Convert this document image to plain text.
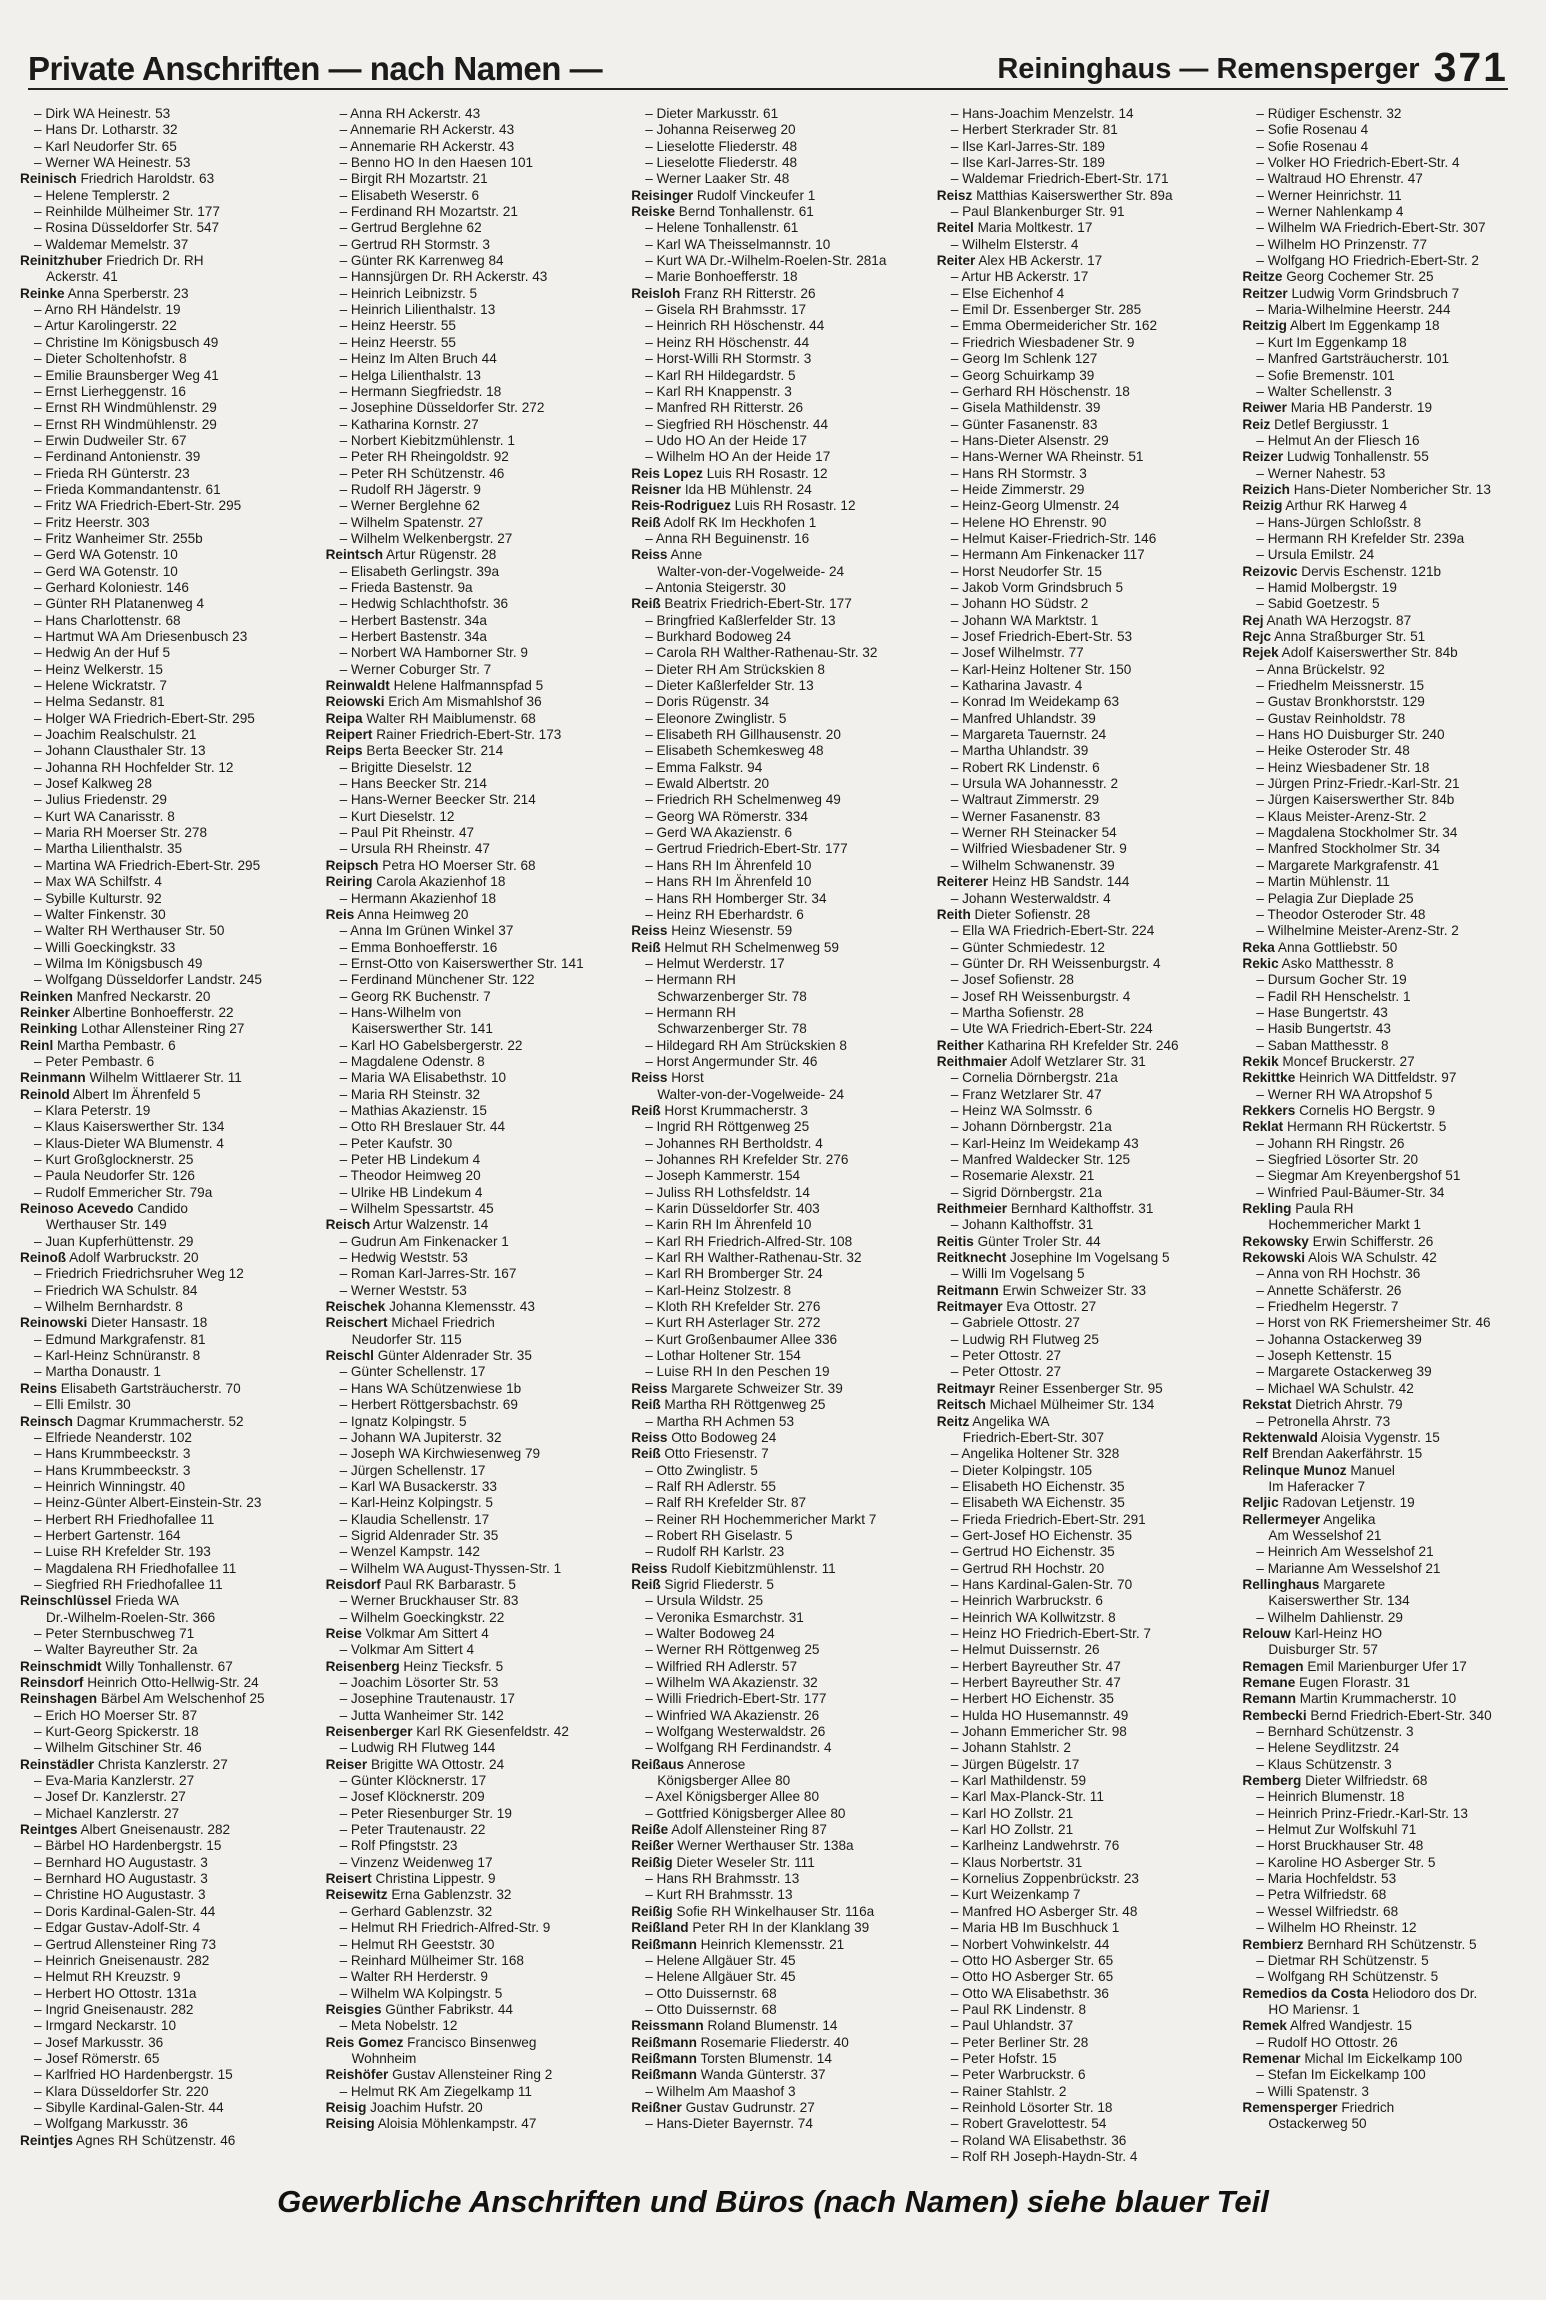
Private Anschriften — nach Namen —	Reininghaus — Remensperger 371
– Dirk WA Heinestr. 53
– Hans Dr. Lotharstr. 32
– Karl Neudorfer Str. 65
– Werner WA Heinestr. 53
Reinisch Friedrich Haroldstr. 63
– Helene Templerstr. 2
– Reinhilde Mülheimer Str. 177
– Rosina Düsseldorfer Str. 547
– Waldemar Memelstr. 37
Reinitzhuber Friedrich Dr. RH
Ackerstr. 41
Reinke Anna Sperberstr. 23
– Arno RH Händelstr. 19
– Artur Karolingerstr. 22
– Christine Im Königsbusch 49
– Dieter Scholtenhofstr. 8
– Emilie Braunsberger Weg 41
– Ernst Lierheggenstr. 16
– Ernst RH Windmühlenstr. 29
– Ernst RH Windmühlenstr. 29
– Erwin Dudweiler Str. 67
– Ferdinand Antonienstr. 39
– Frieda RH Günterstr. 23
– Frieda Kommandantenstr. 61
– Fritz WA Friedrich-Ebert-Str. 295
– Fritz Heerstr. 303
– Fritz Wanheimer Str. 255b
– Gerd WA Gotenstr. 10
– Gerd WA Gotenstr. 10
– Gerhard Koloniestr. 146
– Günter RH Platanenweg 4
– Hans Charlottenstr. 68
– Hartmut WA Am Driesenbusch 23
– Hedwig An der Huf 5
– Heinz Welkerstr. 15
– Helene Wickratstr. 7
– Helma Sedanstr. 81
– Holger WA Friedrich-Ebert-Str. 295
– Joachim Realschulstr. 21
– Johann Clausthaler Str. 13
– Johanna RH Hochfelder Str. 12
– Josef Kalkweg 28
– Julius Friedenstr. 29
– Kurt WA Canarisstr. 8
– Maria RH Moerser Str. 278
– Martha Lilienthalstr. 35
– Martina WA Friedrich-Ebert-Str. 295
– Max WA Schilfstr. 4
– Sybille Kulturstr. 92
– Walter Finkenstr. 30
– Walter RH Werthauser Str. 50
– Willi Goeckingkstr. 33
– Wilma Im Königsbusch 49
– Wolfgang Düsseldorfer Landstr. 245
Reinken Manfred Neckarstr. 20
Reinker Albertine Bonhoefferstr. 22
Reinking Lothar Allensteiner Ring 27
Reinl Martha Pembastr. 6
– Peter Pembastr. 6
Reinmann Wilhelm Wittlaerer Str. 11
Reinold Albert Im Ährenfeld 5
– Klara Peterstr. 19
– Klaus Kaiserswerther Str. 134
– Klaus-Dieter WA Blumenstr. 4
– Kurt Großglocknerstr. 25
– Paula Neudorfer Str. 126
– Rudolf Emmericher Str. 79a
Reinoso Acevedo Candido
Werthauser Str. 149
– Juan Kupferhüttenstr. 29
Reinoß Adolf Warbruckstr. 20
– Friedrich Friedrichsruher Weg 12
– Friedrich WA Schulstr. 84
– Wilhelm Bernhardstr. 8
Reinowski Dieter Hansastr. 18
– Edmund Markgrafenstr. 81
– Karl-Heinz Schnüranstr. 8
– Martha Donaustr. 1
Reins Elisabeth Gartsträucherstr. 70
– Elli Emilstr. 30
Reinsch Dagmar Krummacherstr. 52
– Elfriede Neanderstr. 102
– Hans Krummbeeckstr. 3
– Hans Krummbeeckstr. 3
– Heinrich Winningstr. 40
– Heinz-Günter Albert-Einstein-Str. 23
– Herbert RH Friedhofallee 11
– Herbert Gartenstr. 164
– Luise RH Krefelder Str. 193
– Magdalena RH Friedhofallee 11
– Siegfried RH Friedhofallee 11
Reinschlüssel Frieda WA
Dr.-Wilhelm-Roelen-Str. 366
– Peter Sternbuschweg 71
– Walter Bayreuther Str. 2a
Reinschmidt Willy Tonhallenstr. 67
Reinsdorf Heinrich Otto-Hellwig-Str. 24
Reinshagen Bärbel Am Welschenhof 25
– Erich HO Moerser Str. 87
– Kurt-Georg Spickerstr. 18
– Wilhelm Gitschiner Str. 46
Reinstädler Christa Kanzlerstr. 27
– Eva-Maria Kanzlerstr. 27
– Josef Dr. Kanzlerstr. 27
– Michael Kanzlerstr. 27
Reintges Albert Gneisenaustr. 282
– Bärbel HO Hardenbergstr. 15
– Bernhard HO Augustastr. 3
– Bernhard HO Augustastr. 3
– Christine HO Augustastr. 3
– Doris Kardinal-Galen-Str. 44
– Edgar Gustav-Adolf-Str. 4
– Gertrud Allensteiner Ring 73
– Heinrich Gneisenaustr. 282
– Helmut RH Kreuzstr. 9
– Herbert HO Ottostr. 131a
– Ingrid Gneisenaustr. 282
– Irmgard Neckarstr. 10
– Josef Markusstr. 36
– Josef Römerstr. 65
– Karlfried HO Hardenbergstr. 15
– Klara Düsseldorfer Str. 220
– Sibylle Kardinal-Galen-Str. 44
– Wolfgang Markusstr. 36
Reintjes Agnes RH Schützenstr. 46
– Anna RH Ackerstr. 43
– Annemarie RH Ackerstr. 43
– Annemarie RH Ackerstr. 43
– Benno HO In den Haesen 101
– Birgit RH Mozartstr. 21
– Elisabeth Weserstr. 6
– Ferdinand RH Mozartstr. 21
– Gertrud Berglehne 62
– Gertrud RH Stormstr. 3
– Günter RK Karrenweg 84
– Hannsjürgen Dr. RH Ackerstr. 43
– Heinrich Leibnizstr. 5
– Heinrich Lilienthalstr. 13
– Heinz Heerstr. 55
– Heinz Heerstr. 55
– Heinz Im Alten Bruch 44
– Helga Lilienthalstr. 13
– Hermann Siegfriedstr. 18
– Josephine Düsseldorfer Str. 272
– Katharina Kornstr. 27
– Norbert Kiebitzmühlenstr. 1
– Peter RH Rheingoldstr. 92
– Peter RH Schützenstr. 46
– Rudolf RH Jägerstr. 9
– Werner Berglehne 62
– Wilhelm Spatenstr. 27
– Wilhelm Welkenbergstr. 27
Reintsch Artur Rügenstr. 28
– Elisabeth Gerlingstr. 39a
– Frieda Bastenstr. 9a
– Hedwig Schlachthofstr. 36
– Herbert Bastenstr. 34a
– Herbert Bastenstr. 34a
– Norbert WA Hamborner Str. 9
– Werner Coburger Str. 7
Reinwaldt Helene Halfmannspfad 5
Reiowski Erich Am Mismahlshof 36
Reipa Walter RH Maiblumenstr. 68
Reipert Rainer Friedrich-Ebert-Str. 173
Reips Berta Beecker Str. 214
– Brigitte Dieselstr. 12
– Hans Beecker Str. 214
– Hans-Werner Beecker Str. 214
– Kurt Dieselstr. 12
– Paul Pit Rheinstr. 47
– Ursula RH Rheinstr. 47
Reipsch Petra HO Moerser Str. 68
Reiring Carola Akazienhof 18
– Hermann Akazienhof 18
Reis Anna Heimweg 20
– Anna Im Grünen Winkel 37
– Emma Bonhoefferstr. 16
– Ernst-Otto von Kaiserswerther Str. 141
– Ferdinand Münchener Str. 122
– Georg RK Buchenstr. 7
– Hans-Wilhelm von
Kaiserswerther Str. 141
– Karl HO Gabelsbergerstr. 22
– Magdalene Odenstr. 8
– Maria WA Elisabethstr. 10
– Maria RH Steinstr. 32
– Mathias Akazienstr. 15
– Otto RH Breslauer Str. 44
– Peter Kaufstr. 30
– Peter HB Lindekum 4
– Theodor Heimweg 20
– Ulrike HB Lindekum 4
– Wilhelm Spessartstr. 45
Reisch Artur Walzenstr. 14
– Gudrun Am Finkenacker 1
– Hedwig Weststr. 53
– Roman Karl-Jarres-Str. 167
– Werner Weststr. 53
Reischek Johanna Klemensstr. 43
Reischert Michael Friedrich
Neudorfer Str. 115
Reischl Günter Aldenrader Str. 35
– Günter Schellenstr. 17
– Hans WA Schützenwiese 1b
– Herbert Röttgersbachstr. 69
– Ignatz Kolpingstr. 5
– Johann WA Jupiterstr. 32
– Joseph WA Kirchwiesenweg 79
– Jürgen Schellenstr. 17
– Karl WA Busackerstr. 33
– Karl-Heinz Kolpingstr. 5
– Klaudia Schellenstr. 17
– Sigrid Aldenrader Str. 35
– Wenzel Kampstr. 142
– Wilhelm WA August-Thyssen-Str. 1
Reisdorf Paul RK Barbarastr. 5
– Werner Bruckhauser Str. 83
– Wilhelm Goeckingkstr. 22
Reise Volkmar Am Sittert 4
– Volkmar Am Sittert 4
Reisenberg Heinz Tiecksfr. 5
– Joachim Lösorter Str. 53
– Josephine Trautenaustr. 17
– Jutta Wanheimer Str. 142
Reisenberger Karl RK Giesenfeldstr. 42
– Ludwig RH Flutweg 144
Reiser Brigitte WA Ottostr. 24
– Günter Klöcknerstr. 17
– Josef Klöcknerstr. 209
– Peter Riesenburger Str. 19
– Peter Trautenaustr. 22
– Rolf Pfingststr. 23
– Vinzenz Weidenweg 17
Reisert Christina Lippestr. 9
Reisewitz Erna Gablenzstr. 32
– Gerhard Gablenzstr. 32
– Helmut RH Friedrich-Alfred-Str. 9
– Helmut RH Geeststr. 30
– Reinhard Mülheimer Str. 168
– Walter RH Herderstr. 9
– Wilhelm WA Kolpingstr. 5
Reisgies Günther Fabrikstr. 44
– Meta Nobelstr. 12
Reis Gomez Francisco Binsenweg
Wohnheim
Reishöfer Gustav Allensteiner Ring 2
– Helmut RK Am Ziegelkamp 11
Reisig Joachim Hufstr. 20
Reising Aloisia Möhlenkampstr. 47
– Dieter Markusstr. 61
– Johanna Reiserweg 20
– Lieselotte Fliederstr. 48
– Lieselotte Fliederstr. 48
– Werner Laaker Str. 48
Reisinger Rudolf Vinckeufer 1
Reiske Bernd Tonhallenstr. 61
– Helene Tonhallenstr. 61
– Karl WA Theisselmannstr. 10
– Kurt WA Dr.-Wilhelm-Roelen-Str. 281a
– Marie Bonhoefferstr. 18
Reisloh Franz RH Ritterstr. 26
– Gisela RH Brahmsstr. 17
– Heinrich RH Höschenstr. 44
– Heinz RH Höschenstr. 44
– Horst-Willi RH Stormstr. 3
– Karl RH Hildegardstr. 5
– Karl RH Knappenstr. 3
– Manfred RH Ritterstr. 26
– Siegfried RH Höschenstr. 44
– Udo HO An der Heide 17
– Wilhelm HO An der Heide 17
Reis Lopez Luis RH Rosastr. 12
Reisner Ida HB Mühlenstr. 24
Reis-Rodriguez Luis RH Rosastr. 12
Reiß Adolf RK Im Heckhofen 1
– Anna RH Beguinenstr. 16
Reiss Anne
Walter-von-der-Vogelweide- 24
– Antonia Steigerstr. 30
Reiß Beatrix Friedrich-Ebert-Str. 177
– Bringfried Kaßlerfelder Str. 13
– Burkhard Bodoweg 24
– Carola RH Walther-Rathenau-Str. 32
– Dieter RH Am Strückskien 8
– Dieter Kaßlerfelder Str. 13
– Doris Rügenstr. 34
– Eleonore Zwinglistr. 5
– Elisabeth RH Gillhausenstr. 20
– Elisabeth Schemkesweg 48
– Emma Falkstr. 94
– Ewald Albertstr. 20
– Friedrich RH Schelmenweg 49
– Georg WA Römerstr. 334
– Gerd WA Akazienstr. 6
– Gertrud Friedrich-Ebert-Str. 177
– Hans RH Im Ährenfeld 10
– Hans RH Im Ährenfeld 10
– Hans RH Homberger Str. 34
– Heinz RH Eberhardstr. 6
Reiss Heinz Wiesenstr. 59
Reiß Helmut RH Schelmenweg 59
– Helmut Werderstr. 17
– Hermann RH
Schwarzenberger Str. 78
– Hermann RH
Schwarzenberger Str. 78
– Hildegard RH Am Strückskien 8
– Horst Angermunder Str. 46
Reiss Horst
Walter-von-der-Vogelweide- 24
Reiß Horst Krummacherstr. 3
– Ingrid RH Röttgenweg 25
– Johannes RH Bertholdstr. 4
– Johannes RH Krefelder Str. 276
– Joseph Kammerstr. 154
– Juliss RH Lothsfeldstr. 14
– Karin Düsseldorfer Str. 403
– Karin RH Im Ährenfeld 10
– Karl RH Friedrich-Alfred-Str. 108
– Karl RH Walther-Rathenau-Str. 32
– Karl RH Bromberger Str. 24
– Karl-Heinz Stolzestr. 8
– Kloth RH Krefelder Str. 276
– Kurt RH Asterlager Str. 272
– Kurt Großenbaumer Allee 336
– Lothar Holtener Str. 154
– Luise RH In den Peschen 19
Reiss Margarete Schweizer Str. 39
Reiß Martha RH Röttgenweg 25
– Martha RH Achmen 53
Reiss Otto Bodoweg 24
Reiß Otto Friesenstr. 7
– Otto Zwinglistr. 5
– Ralf RH Adlerstr. 55
– Ralf RH Krefelder Str. 87
– Reiner RH Hochemmericher Markt 7
– Robert RH Giselastr. 5
– Rudolf RH Karlstr. 23
Reiss Rudolf Kiebitzmühlenstr. 11
Reiß Sigrid Fliederstr. 5
– Ursula Wildstr. 25
– Veronika Esmarchstr. 31
– Walter Bodoweg 24
– Werner RH Röttgenweg 25
– Wilfried RH Adlerstr. 57
– Wilhelm WA Akazienstr. 32
– Willi Friedrich-Ebert-Str. 177
– Winfried WA Akazienstr. 26
– Wolfgang Westerwaldstr. 26
– Wolfgang RH Ferdinandstr. 4
Reißaus Annerose
Königsberger Allee 80
– Axel Königsberger Allee 80
– Gottfried Königsberger Allee 80
Reiße Adolf Allensteiner Ring 87
Reißer Werner Werthauser Str. 138a
Reißig Dieter Weseler Str. 111
– Hans RH Brahmsstr. 13
– Kurt RH Brahmsstr. 13
Reißig Sofie RH Winkelhauser Str. 116a
Reißland Peter RH In der Klanklang 39
Reißmann Heinrich Klemensstr. 21
– Helene Allgäuer Str. 45
– Helene Allgäuer Str. 45
– Otto Duissernstr. 68
– Otto Duissernstr. 68
Reissmann Roland Blumenstr. 14
Reißmann Rosemarie Fliederstr. 40
Reißmann Torsten Blumenstr. 14
Reißmann Wanda Günterstr. 37
– Wilhelm Am Maashof 3
Reißner Gustav Gudrunstr. 27
– Hans-Dieter Bayernstr. 74
– Hans-Joachim Menzelstr. 14
– Herbert Sterkrader Str. 81
– Ilse Karl-Jarres-Str. 189
– Ilse Karl-Jarres-Str. 189
– Waldemar Friedrich-Ebert-Str. 171
Reisz Matthias Kaiserswerther Str. 89a
– Paul Blankenburger Str. 91
Reitel Maria Moltkestr. 17
– Wilhelm Elsterstr. 4
Reiter Alex HB Ackerstr. 17
– Artur HB Ackerstr. 17
– Else Eichenhof 4
– Emil Dr. Essenberger Str. 285
– Emma Obermeidericher Str. 162
– Friedrich Wiesbadener Str. 9
– Georg Im Schlenk 127
– Georg Schuirkamp 39
– Gerhard RH Höschenstr. 18
– Gisela Mathildenstr. 39
– Günter Fasanenstr. 83
– Hans-Dieter Alsenstr. 29
– Hans-Werner WA Rheinstr. 51
– Hans RH Stormstr. 3
– Heide Zimmerstr. 29
– Heinz-Georg Ulmenstr. 24
– Helene HO Ehrenstr. 90
– Helmut Kaiser-Friedrich-Str. 146
– Hermann Am Finkenacker 117
– Horst Neudorfer Str. 15
– Jakob Vorm Grindsbruch 5
– Johann HO Südstr. 2
– Johann WA Marktstr. 1
– Josef Friedrich-Ebert-Str. 53
– Josef Wilhelmstr. 77
– Karl-Heinz Holtener Str. 150
– Katharina Javastr. 4
– Konrad Im Weidekamp 63
– Manfred Uhlandstr. 39
– Margareta Tauernstr. 24
– Martha Uhlandstr. 39
– Robert RK Lindenstr. 6
– Ursula WA Johannesstr. 2
– Waltraut Zimmerstr. 29
– Werner Fasanenstr. 83
– Werner RH Steinacker 54
– Wilfried Wiesbadener Str. 9
– Wilhelm Schwanenstr. 39
Reiterer Heinz HB Sandstr. 144
– Johann Westerwaldstr. 4
Reith Dieter Sofienstr. 28
– Ella WA Friedrich-Ebert-Str. 224
– Günter Schmiedestr. 12
– Günter Dr. RH Weissenburgstr. 4
– Josef Sofienstr. 28
– Josef RH Weissenburgstr. 4
– Martha Sofienstr. 28
– Ute WA Friedrich-Ebert-Str. 224
Reither Katharina RH Krefelder Str. 246
Reithmaier Adolf Wetzlarer Str. 31
– Cornelia Dörnbergstr. 21a
– Franz Wetzlarer Str. 47
– Heinz WA Solmsstr. 6
– Johann Dörnbergstr. 21a
– Karl-Heinz Im Weidekamp 43
– Manfred Waldecker Str. 125
– Rosemarie Alexstr. 21
– Sigrid Dörnbergstr. 21a
Reithmeier Bernhard Kalthoffstr. 31
– Johann Kalthoffstr. 31
Reitis Günter Troler Str. 44
Reitknecht Josephine Im Vogelsang 5
– Willi Im Vogelsang 5
Reitmann Erwin Schweizer Str. 33
Reitmayer Eva Ottostr. 27
– Gabriele Ottostr. 27
– Ludwig RH Flutweg 25
– Peter Ottostr. 27
– Peter Ottostr. 27
Reitmayr Reiner Essenberger Str. 95
Reitsch Michael Mülheimer Str. 134
Reitz Angelika WA
Friedrich-Ebert-Str. 307
– Angelika Holtener Str. 328
– Dieter Kolpingstr. 105
– Elisabeth HO Eichenstr. 35
– Elisabeth WA Eichenstr. 35
– Frieda Friedrich-Ebert-Str. 291
– Gert-Josef HO Eichenstr. 35
– Gertrud HO Eichenstr. 35
– Gertrud RH Hochstr. 20
– Hans Kardinal-Galen-Str. 70
– Heinrich Warbruckstr. 6
– Heinrich WA Kollwitzstr. 8
– Heinz HO Friedrich-Ebert-Str. 7
– Helmut Duissernstr. 26
– Herbert Bayreuther Str. 47
– Herbert Bayreuther Str. 47
– Herbert HO Eichenstr. 35
– Hulda HO Husemannstr. 49
– Johann Emmericher Str. 98
– Johann Stahlstr. 2
– Jürgen Bügelstr. 17
– Karl Mathildenstr. 59
– Karl Max-Planck-Str. 11
– Karl HO Zollstr. 21
– Karl HO Zollstr. 21
– Karlheinz Landwehrstr. 76
– Klaus Norbertstr. 31
– Kornelius Zoppenbrückstr. 23
– Kurt Weizenkamp 7
– Manfred HO Asberger Str. 48
– Maria HB Im Buschhuck 1
– Norbert Vohwinkelstr. 44
– Otto HO Asberger Str. 65
– Otto HO Asberger Str. 65
– Otto WA Elisabethstr. 36
– Paul RK Lindenstr. 8
– Paul Uhlandstr. 37
– Peter Berliner Str. 28
– Peter Hofstr. 15
– Peter Warbruckstr. 6
– Rainer Stahlstr. 2
– Reinhold Lösorter Str. 18
– Robert Gravelottestr. 54
– Roland WA Elisabethstr. 36
– Rolf RH Joseph-Haydn-Str. 4
– Rüdiger Eschenstr. 32
– Sofie Rosenau 4
– Sofie Rosenau 4
– Volker HO Friedrich-Ebert-Str. 4
– Waltraud HO Ehrenstr. 47
– Werner Heinrichstr. 11
– Werner Nahlenkamp 4
– Wilhelm WA Friedrich-Ebert-Str. 307
– Wilhelm HO Prinzenstr. 77
– Wolfgang HO Friedrich-Ebert-Str. 2
Reitze Georg Cochemer Str. 25
Reitzer Ludwig Vorm Grindsbruch 7
– Maria-Wilhelmine Heerstr. 244
Reitzig Albert Im Eggenkamp 18
– Kurt Im Eggenkamp 18
– Manfred Gartsträucherstr. 101
– Sofie Bremenstr. 101
– Walter Schellenstr. 3
Reiwer Maria HB Panderstr. 19
Reiz Detlef Bergiusstr. 1
– Helmut An der Fliesch 16
Reizer Ludwig Tonhallenstr. 55
– Werner Nahestr. 53
Reizich Hans-Dieter Nombericher Str. 13
Reizig Arthur RK Harweg 4
– Hans-Jürgen Schloßstr. 8
– Hermann RH Krefelder Str. 239a
– Ursula Emilstr. 24
Reizovic Dervis Eschenstr. 121b
– Hamid Molbergstr. 19
– Sabid Goetzestr. 5
Rej Anath WA Herzogstr. 87
Rejc Anna Straßburger Str. 51
Rejek Adolf Kaiserswerther Str. 84b
– Anna Brückelstr. 92
– Friedhelm Meissnerstr. 15
– Gustav Bronkhorststr. 129
– Gustav Reinholdstr. 78
– Hans HO Duisburger Str. 240
– Heike Osteroder Str. 48
– Heinz Wiesbadener Str. 18
– Jürgen Prinz-Friedr.-Karl-Str. 21
– Jürgen Kaiserswerther Str. 84b
– Klaus Meister-Arenz-Str. 2
– Magdalena Stockholmer Str. 34
– Manfred Stockholmer Str. 34
– Margarete Markgrafenstr. 41
– Martin Mühlenstr. 11
– Pelagia Zur Dieplade 25
– Theodor Osteroder Str. 48
– Wilhelmine Meister-Arenz-Str. 2
Reka Anna Gottliebstr. 50
Rekic Asko Matthesstr. 8
– Dursum Gocher Str. 19
– Fadil RH Henschelstr. 1
– Hase Bungertstr. 43
– Hasib Bungertstr. 43
– Saban Matthesstr. 8
Rekik Moncef Bruckerstr. 27
Rekittke Heinrich WA Dittfeldstr. 97
– Werner RH WA Atropshof 5
Rekkers Cornelis HO Bergstr. 9
Reklat Hermann RH Rückertstr. 5
– Johann RH Ringstr. 26
– Siegfried Lösorter Str. 20
– Siegmar Am Kreyenbergshof 51
– Winfried Paul-Bäumer-Str. 34
Rekling Paula RH
Hochemmericher Markt 1
Rekowsky Erwin Schifferstr. 26
Rekowski Alois WA Schulstr. 42
– Anna von RH Hochstr. 36
– Annette Schäferstr. 26
– Friedhelm Hegerstr. 7
– Horst von RK Friemersheimer Str. 46
– Johanna Ostackerweg 39
– Joseph Kettenstr. 15
– Margarete Ostackerweg 39
– Michael WA Schulstr. 42
Rekstat Dietrich Ahrstr. 79
– Petronella Ahrstr. 73
Rektenwald Aloisia Vygenstr. 15
Relf Brendan Aakerfährstr. 15
Relinque Munoz Manuel
Im Haferacker 7
Reljic Radovan Letjenstr. 19
Rellermeyer Angelika
Am Wesselshof 21
– Heinrich Am Wesselshof 21
– Marianne Am Wesselshof 21
Rellinghaus Margarete
Kaiserswerther Str. 134
– Wilhelm Dahlienstr. 29
Relouw Karl-Heinz HO
Duisburger Str. 57
Remagen Emil Marienburger Ufer 17
Remane Eugen Florastr. 31
Remann Martin Krummacherstr. 10
Rembecki Bernd Friedrich-Ebert-Str. 340
– Bernhard Schützenstr. 3
– Helene Seydlitzstr. 24
– Klaus Schützenstr. 3
Remberg Dieter Wilfriedstr. 68
– Heinrich Blumenstr. 18
– Heinrich Prinz-Friedr.-Karl-Str. 13
– Helmut Zur Wolfskuhl 71
– Horst Bruckhauser Str. 48
– Karoline HO Asberger Str. 5
– Maria Hochfeldstr. 53
– Petra Wilfriedstr. 68
– Wessel Wilfriedstr. 68
– Wilhelm HO Rheinstr. 12
Rembierz Bernhard RH Schützenstr. 5
– Dietmar RH Schützenstr. 5
– Wolfgang RH Schützenstr. 5
Remedios da Costa Heliodoro dos Dr.
HO Mariensr. 1
Remek Alfred Wandjestr. 15
– Rudolf HO Ottostr. 26
Remenar Michal Im Eickelkamp 100
– Stefan Im Eickelkamp 100
– Willi Spatenstr. 3
Remensperger Friedrich
Ostackerweg 50
Gewerbliche Anschriften und Büros (nach Namen) siehe blauer Teil
